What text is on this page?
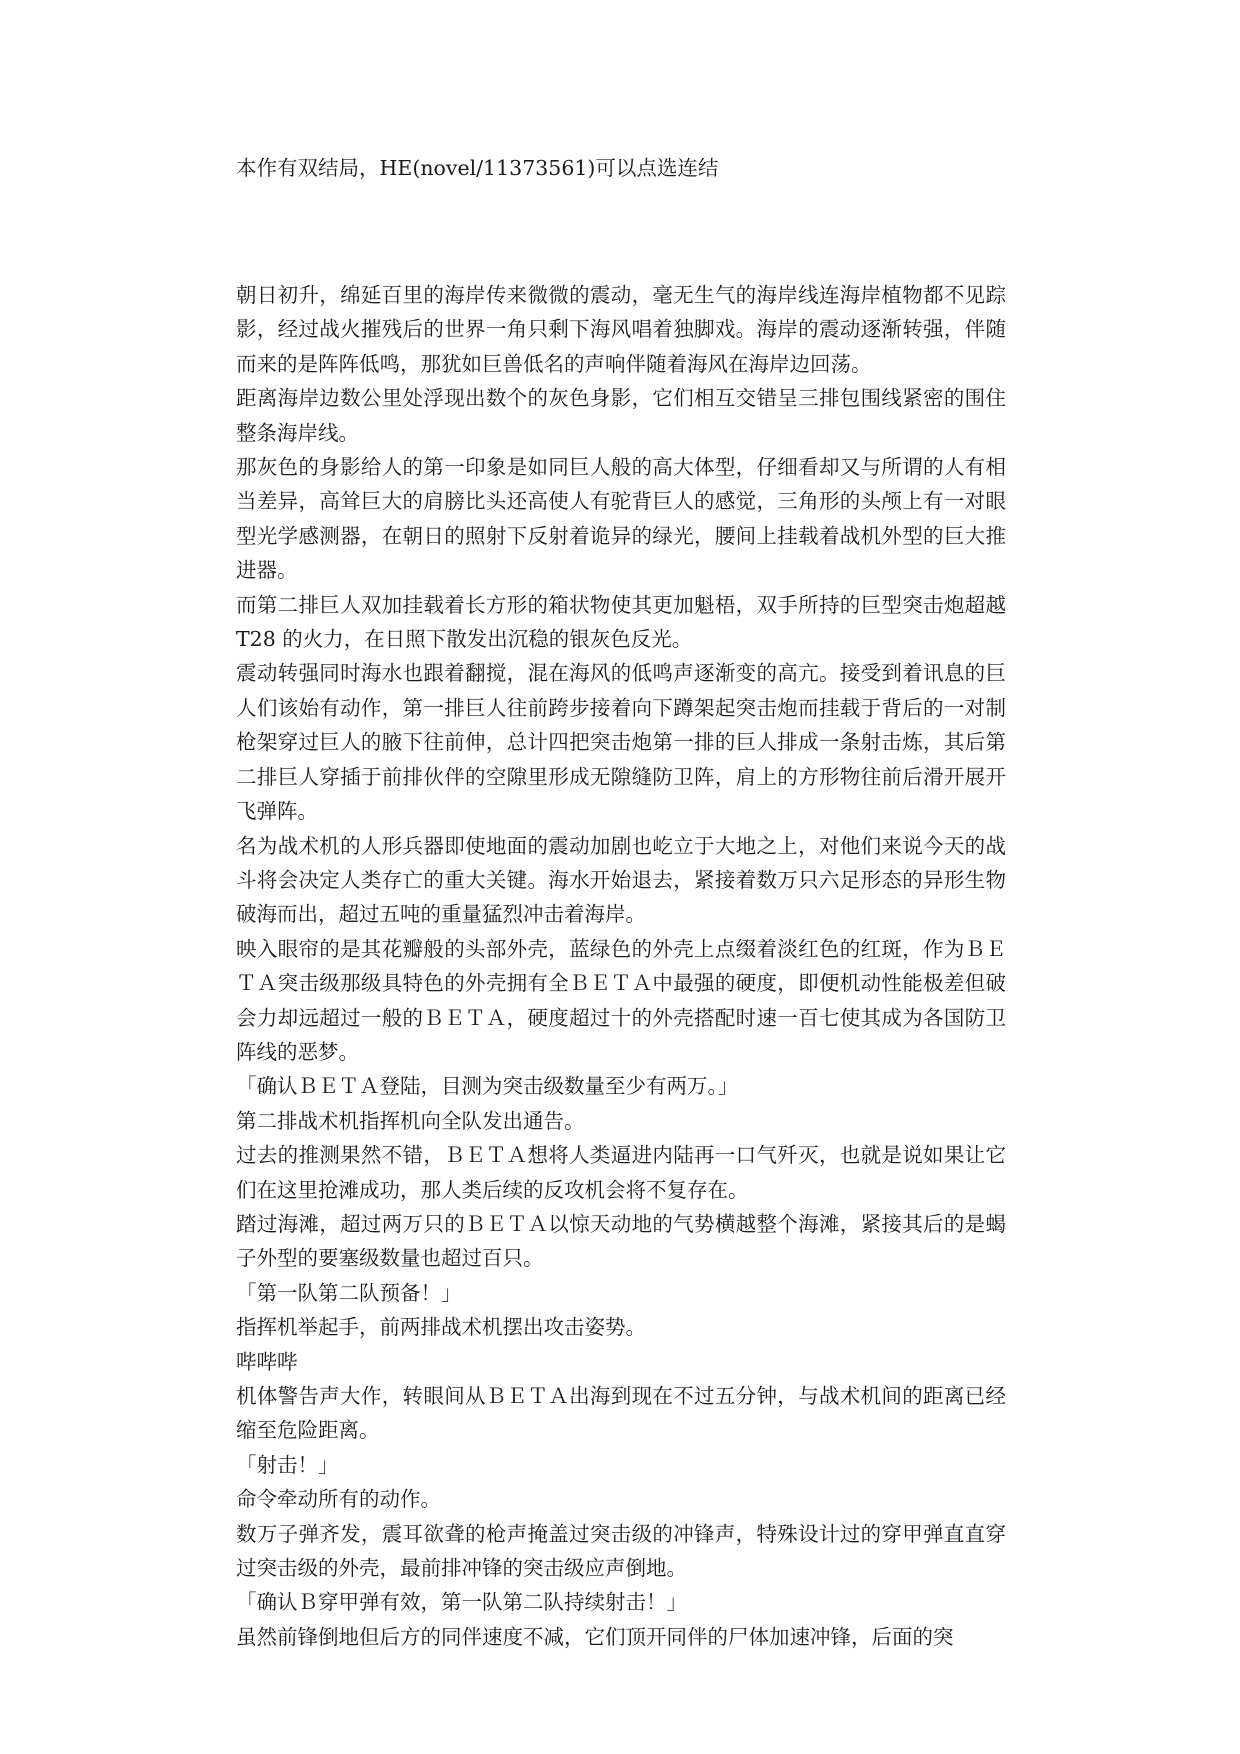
本作有双结局，HE(novel/11373561)可以点选连结

朝日初升，绵延百里的海岸传来微微的震动，毫无生气的海岸线连海岸植物都不见踪影，经过战火摧残后的世界一角只剩下海风唱着独脚戏。海岸的震动逐渐转强，伴随而来的是阵阵低鸣，那犹如巨兽低名的声响伴随着海风在海岸边回荡。

距离海岸边数公里处浮现出数个的灰色身影，它们相互交错呈三排包围线紧密的围住整条海岸线。

那灰色的身影给人的第一印象是如同巨人般的高大体型，仔细看却又与所谓的人有相当差异，高耸巨大的肩膀比头还高使人有驼背巨人的感觉，三角形的头颅上有一对眼型光学感测器，在朝日的照射下反射着诡异的绿光，腰间上挂载着战机外型的巨大推进器。

而第二排巨人双加挂载着长方形的箱状物使其更加魁梧，双手所持的巨型突击炮超越 T28 的火力，在日照下散发出沉稳的银灰色反光。

震动转强同时海水也跟着翻搅，混在海风的低鸣声逐渐变的高亢。接受到着讯息的巨人们该始有动作，第一排巨人往前跨步接着向下蹲架起突击炮而挂载于背后的一对制枪架穿过巨人的腋下往前伸，总计四把突击炮第一排的巨人排成一条射击炼，其后第二排巨人穿插于前排伙伴的空隙里形成无隙缝防卫阵，肩上的方形物往前后滑开展开飞弹阵。

名为战术机的人形兵器即使地面的震动加剧也屹立于大地之上，对他们来说今天的战斗将会决定人类存亡的重大关键。海水开始退去，紧接着数万只六足形态的异形生物破海而出，超过五吨的重量猛烈冲击着海岸。

映入眼帘的是其花瓣般的头部外壳，蓝绿色的外壳上点缀着淡红色的红斑，作为ＢＥＴＡ突击级那级具特色的外壳拥有全ＢＥＴＡ中最强的硬度，即便机动性能极差但破会力却远超过一般的ＢＥＴＡ，硬度超过十的外壳搭配时速一百七使其成为各国防卫阵线的恶梦。

「确认ＢＥＴＡ登陆，目测为突击级数量至少有两万。」

第二排战术机指挥机向全队发出通告。

过去的推测果然不错，ＢＥＴＡ想将人类逼进内陆再一口气歼灭，也就是说如果让它们在这里抢滩成功，那人类后续的反攻机会将不复存在。

踏过海滩，超过两万只的ＢＥＴＡ以惊天动地的气势横越整个海滩，紧接其后的是蝎子外型的要塞级数量也超过百只。

「第一队第二队预备！」

指挥机举起手，前两排战术机摆出攻击姿势。

哔哔哔

机体警告声大作，转眼间从ＢＥＴＡ出海到现在不过五分钟，与战术机间的距离已经缩至危险距离。

「射击！」

命令牵动所有的动作。

数万子弹齐发，震耳欲聋的枪声掩盖过突击级的冲锋声，特殊设计过的穿甲弹直直穿过突击级的外壳，最前排冲锋的突击级应声倒地。

「确认Ｂ穿甲弹有效，第一队第二队持续射击！」

虽然前锋倒地但后方的同伴速度不减，它们顶开同伴的尸体加速冲锋，后面的突
